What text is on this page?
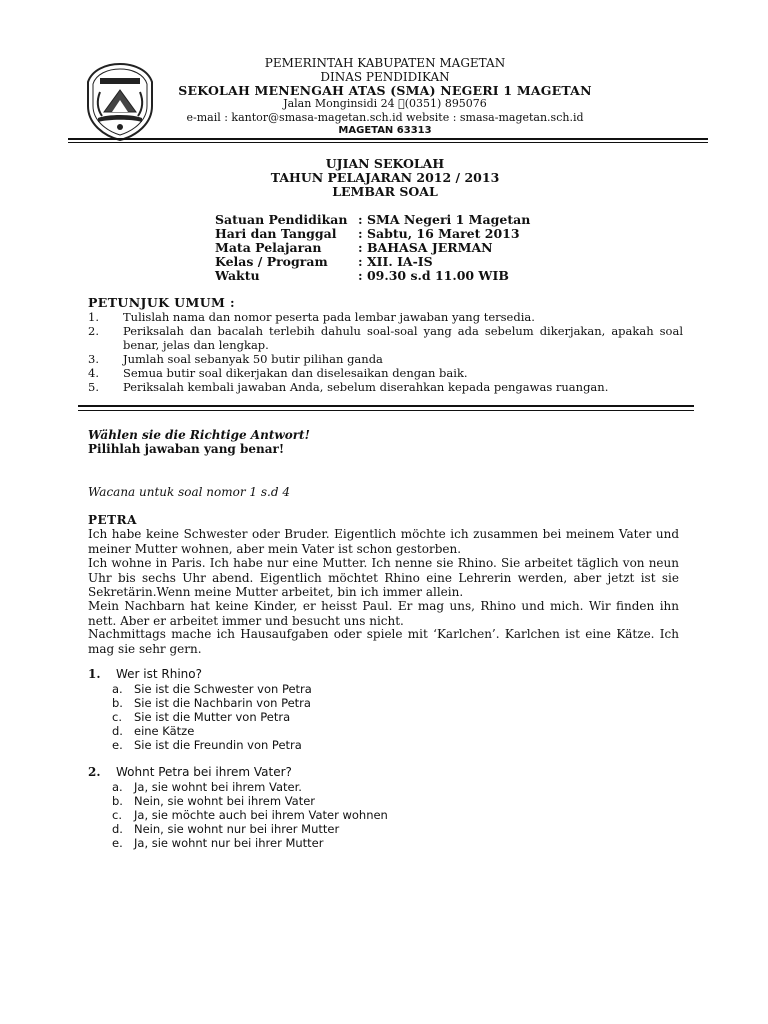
PEMERINTAH KABUPATEN MAGETAN
DINAS PENDIDIKAN
SEKOLAH MENENGAH ATAS (SMA) NEGERI 1 MAGETAN
Jalan Monginsidi 24  (0351) 895076
e-mail : kantor@smasa-magetan.sch.id website : smasa-magetan.sch.id
MAGETAN 63313
UJIAN SEKOLAH
TAHUN PELAJARAN 2012 / 2013
LEMBAR SOAL
Satuan Pendidikan : SMA Negeri 1 Magetan
Hari dan Tanggal : Sabtu, 16 Maret 2013
Mata Pelajaran	: BAHASA JERMAN
Kelas / Program : XII. IA-IS
Waktu	: 09.30 s.d 11.00 WIB
PETUNJUK UMUM :
1. Tulislah nama dan nomor peserta pada lembar jawaban yang tersedia.
2. Periksalah dan bacalah terlebih dahulu soal-soal yang ada sebelum dikerjakan, apakah soal benar, jelas dan lengkap.
3. Jumlah soal sebanyak 50 butir pilihan ganda
4. Semua butir soal dikerjakan dan diselesaikan dengan baik.
5. Periksalah kembali jawaban Anda, sebelum diserahkan kepada pengawas ruangan.
Wählen sie die Richtige Antwort!
Pilihlah jawaban yang benar!
Wacana untuk soal nomor 1 s.d 4
PETRA
Ich habe keine Schwester oder Bruder. Eigentlich möchte ich zusammen bei meinem Vater und meiner Mutter wohnen, aber mein Vater ist schon gestorben.
Ich wohne in Paris. Ich habe nur eine Mutter. Ich nenne sie Rhino. Sie arbeitet täglich von neun Uhr bis sechs Uhr abend. Eigentlich möchtet Rhino eine Lehrerin werden, aber jetzt ist sie Sekretärin.Wenn meine Mutter arbeitet, bin ich immer allein.
Mein Nachbarn hat keine Kinder, er heisst Paul. Er mag uns, Rhino und mich. Wir finden ihn nett. Aber er arbeitet immer und besucht uns nicht.
Nachmittags mache ich Hausaufgaben oder spiele mit ‘Karlchen’. Karlchen ist eine Kätze. Ich mag sie sehr gern.
1. Wer ist Rhino?
a. Sie ist die Schwester von Petra
b. Sie ist die Nachbarin von Petra
c. Sie ist die Mutter von Petra
d. eine Kätze
e. Sie ist die Freundin von Petra
2. Wohnt Petra bei ihrem Vater?
a. Ja, sie wohnt bei ihrem Vater.
b. Nein, sie wohnt bei ihrem Vater
c. Ja, sie möchte auch bei ihrem Vater wohnen
d. Nein, sie wohnt nur bei ihrer Mutter
e. Ja, sie wohnt nur bei ihrer Mutter
